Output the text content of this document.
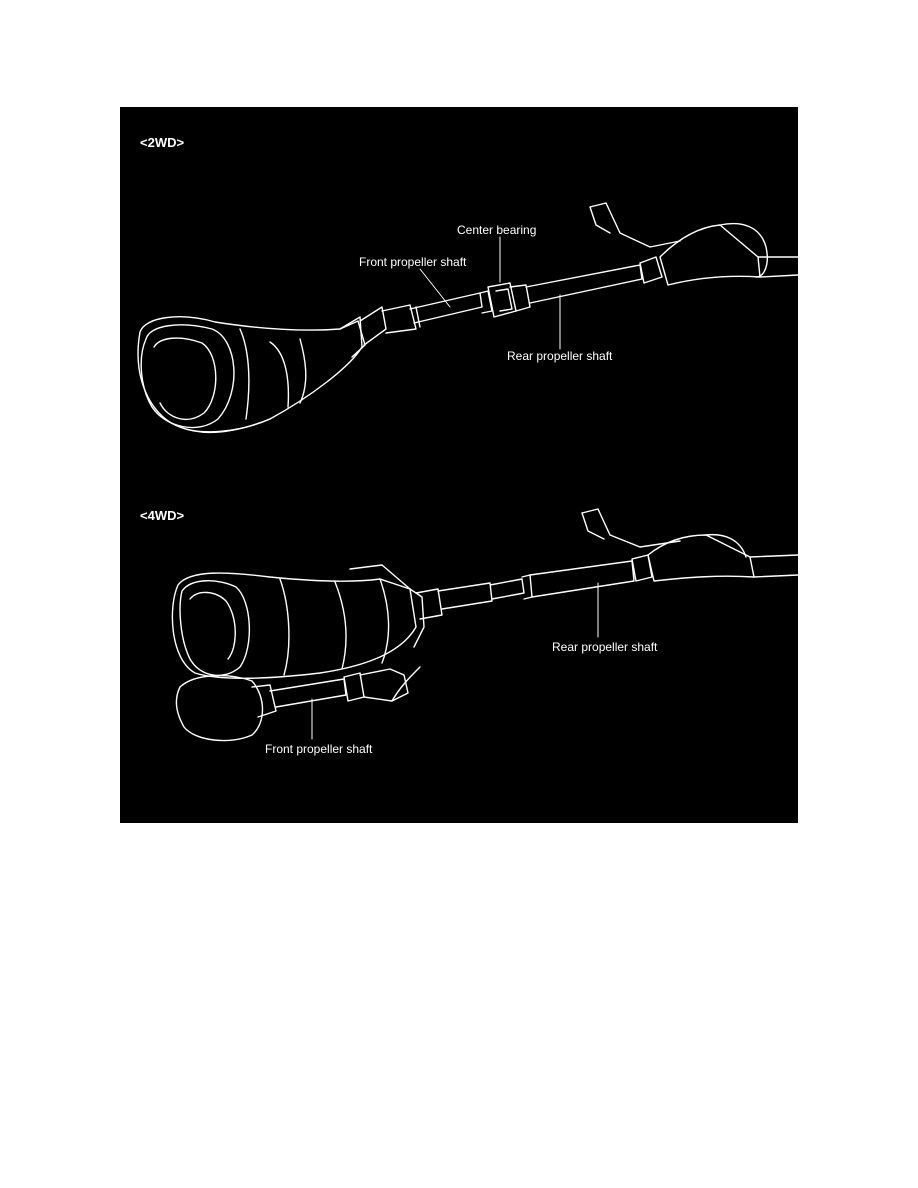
<2WD>
Center bearing
Front propeller shaft
Rear propeller shaft
<4WD>
Rear propeller shaft
Front propeller shaft
